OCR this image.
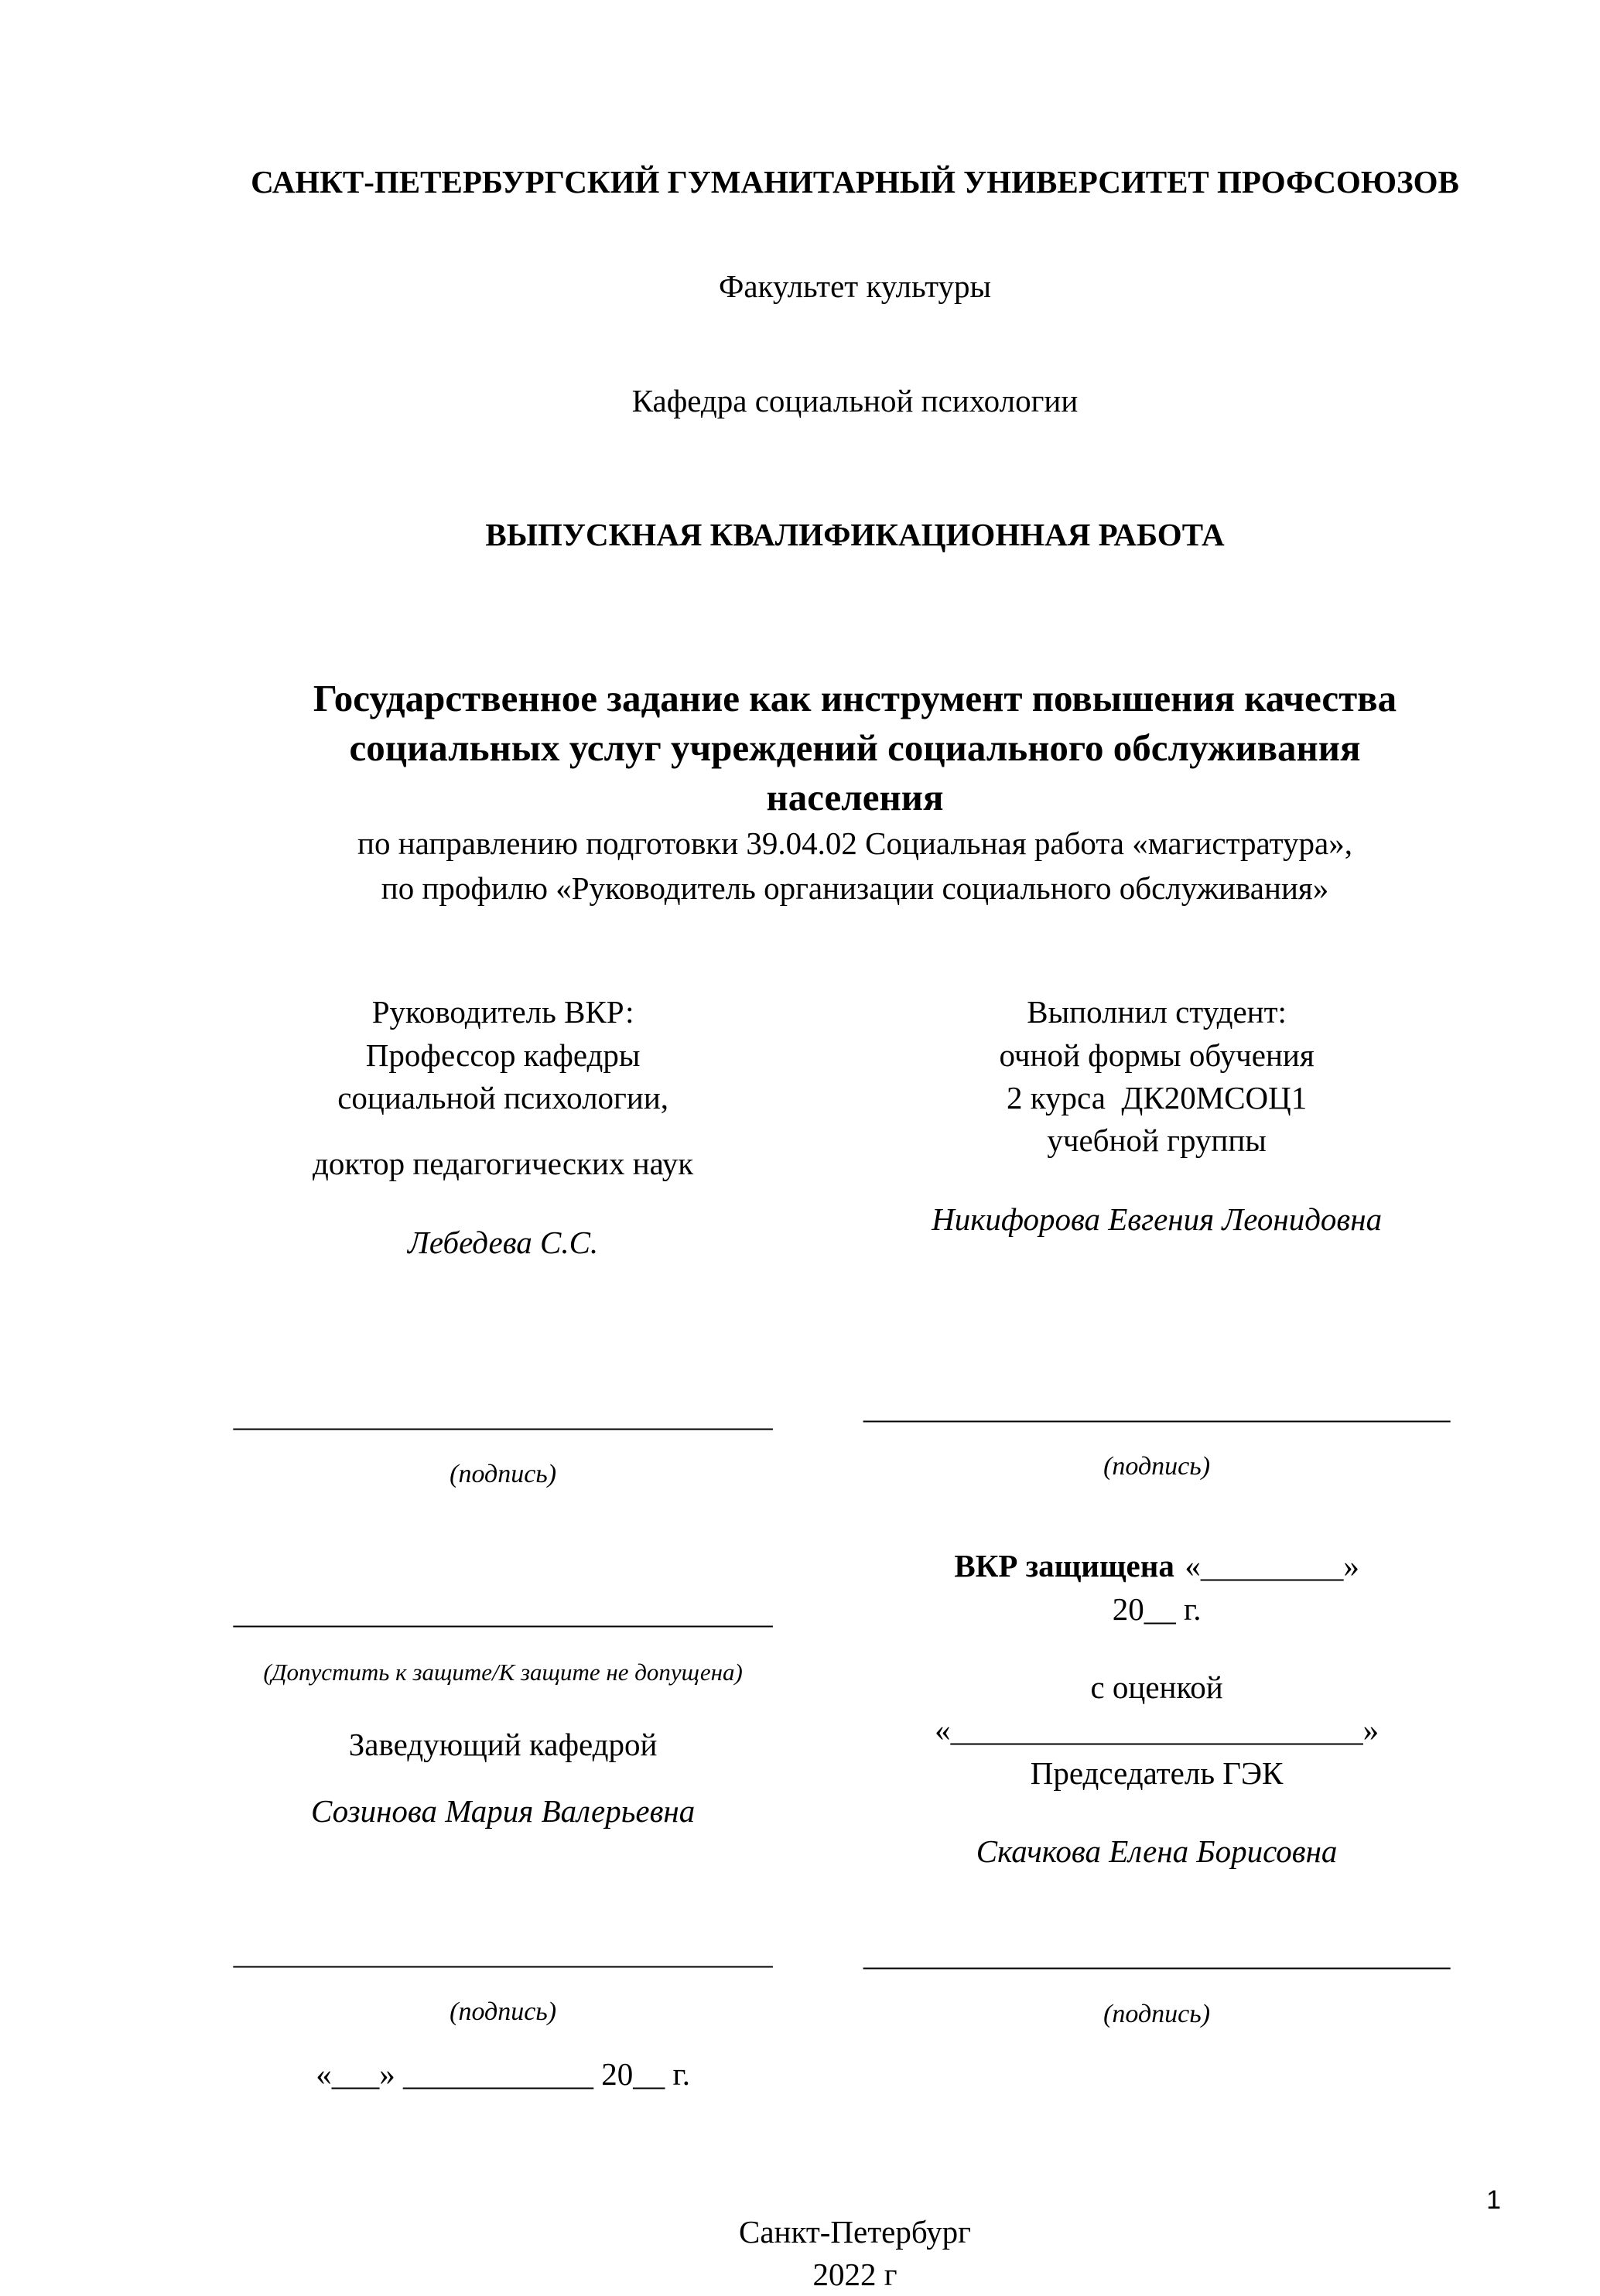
САНКТ-ПЕТЕРБУРГСКИЙ ГУМАНИТАРНЫЙ УНИВЕРСИТЕТ ПРОФСОЮЗОВ

Факультет культуры

Кафедра социальной психологии

ВЫПУСКНАЯ КВАЛИФИКАЦИОННАЯ РАБОТА

Государственное задание как инструмент повышения качества

социальных услуг учреждений социального обслуживания

населения

по направлению подготовки 39.04.02 Социальная работа «магистратура»,

по профилю «Руководитель организации социального обслуживания»

Руководитель ВКР:

Профессор кафедры

социальной психологии,

доктор педагогических наук

Лебедева С.С.

__________________________________

(подпись)

__________________________________

(Допустить к защите/К защите не допущена)

Заведующий кафедрой

Созинова Мария Валерьевна

__________________________________

(подпись)

«___» ____________ 20__ г.

Выполнил студент:

очной формы обучения

2 курса  ДК20МСОЦ1

учебной группы

Никифорова Евгения Леонидовна

_____________________________________

(подпись)

ВКР защищена «_________»

20__ г.

с оценкой

«__________________________»

Председатель ГЭК

Скачкова Елена Борисовна

_____________________________________

(подпись)

Санкт-Петербург

2022 г

1
